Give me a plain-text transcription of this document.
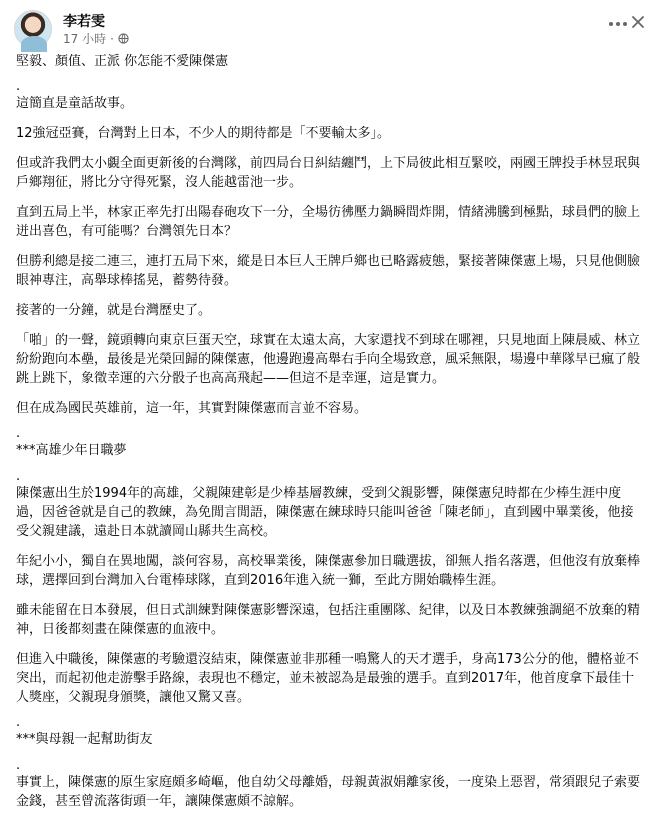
李若雯
17 小時 ·
堅毅、顏值、正派 你怎能不愛陳傑憲
.
這簡直是童話故事。
12強冠亞賽，台灣對上日本，不少人的期待都是「不要輸太多」。
但或許我們太小覷全面更新後的台灣隊，前四局台日糾結纏鬥，上下局彼此相互緊咬，兩國王牌投手林昱珉與戶鄉翔征，將比分守得死緊，沒人能越雷池一步。
直到五局上半，林家正率先打出陽春砲攻下一分，全場彷彿壓力鍋瞬間炸開，情緒沸騰到極點，球員們的臉上迸出喜色，有可能嗎？台灣領先日本？
但勝利總是接二連三，連打五局下來，縱是日本巨人王牌戶鄉也已略露疲態，緊接著陳傑憲上場，只見他側臉眼神專注，高舉球棒搖晃，蓄勢待發。
接著的一分鐘，就是台灣歷史了。
「啪」的一聲，鏡頭轉向東京巨蛋天空，球實在太遠太高，大家還找不到球在哪裡，只見地面上陳晨威、林立紛紛跑向本壘，最後是光榮回歸的陳傑憲，他邊跑邊高舉右手向全場致意，風采無限，場邊中華隊早已瘋了般跳上跳下，象徵幸運的六分骰子也高高飛起——但這不是幸運，這是實力。
但在成為國民英雄前，這一年，其實對陳傑憲而言並不容易。
.
***高雄少年日職夢
.
陳傑憲出生於1994年的高雄，父親陳建彰是少棒基層教練，受到父親影響，陳傑憲兒時都在少棒生涯中度過，因爸爸就是自己的教練，為免閒言閒語，陳傑憲在練球時只能叫爸爸「陳老師」，直到國中畢業後，他接受父親建議，遠赴日本就讀岡山縣共生高校。
年紀小小，獨自在異地闖，談何容易，高校畢業後，陳傑憲參加日職選拔，卻無人指名落選，但他沒有放棄棒球，選擇回到台灣加入台電棒球隊，直到2016年進入統一獅，至此方開始職棒生涯。
雖未能留在日本發展，但日式訓練對陳傑憲影響深遠，包括注重團隊、紀律，以及日本教練強調絕不放棄的精神，日後都刻畫在陳傑憲的血液中。
但進入中職後，陳傑憲的考驗還沒結束，陳傑憲並非那種一鳴驚人的天才選手，身高173公分的他，體格並不突出，而起初他走游擊手路線，表現也不穩定，並未被認為是最強的選手。直到2017年，他首度拿下最佳十人獎座，父親現身頒獎，讓他又驚又喜。
.
***與母親一起幫助街友
.
事實上，陳傑憲的原生家庭頗多崎嶇，他自幼父母離婚，母親黃淑娟離家後，一度染上惡習，常須跟兒子索要金錢，甚至曾流落街頭一年，讓陳傑憲頗不諒解。
